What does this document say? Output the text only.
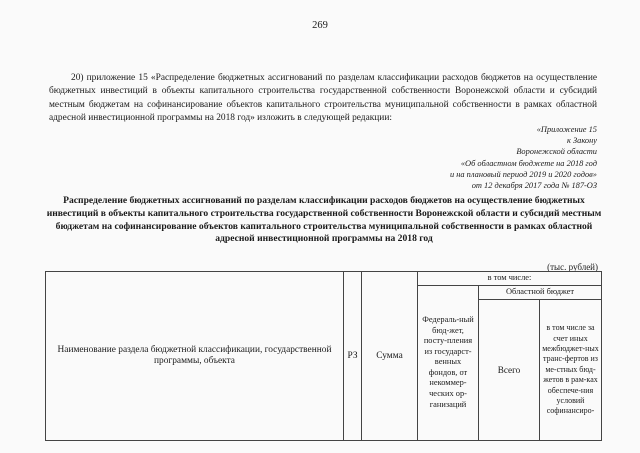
269

20) приложение 15 «Распределение бюджетных ассигнований по разделам классификации расходов бюджетов на осуществление бюджетных инвестиций в объекты капитального строительства государственной собственности Воронежской области и субсидий местным бюджетам на софинансирование объектов капитального строительства муниципальной собственности в рамках областной адресной инвестиционной программы на 2018 год» изложить в следующей редакции:

«Приложение 15
к Закону
Воронежской области
«Об областном бюджете на 2018 год
и на плановый период 2019 и 2020 годов»
от 12 декабря 2017 года № 187-ОЗ

Распределение бюджетных ассигнований по разделам классификации расходов бюджетов на осуществление бюджетных инвестиций в объекты капитального строительства государственной собственности Воронежской области и субсидий местным бюджетам на софинансирование объектов капитального строительства муниципальной собственности в рамках областной адресной инвестиционной программы на 2018 год

(тыс. рублей)
Наименование раздела бюджетной классификации, государственной программы, объекта	РЗ	Сумма	в том числе:		
			Федераль-ный бюд-жет, посту-пления из государст-венных фондов, от некоммер-ческих ор-ганизаций	Областной бюджет	
				Всего	в том числе за счет иных межбюджет-ных транс-фертов из ме-стных бюд-жетов в рам-ках обеспече-ния условий софинансиро-
